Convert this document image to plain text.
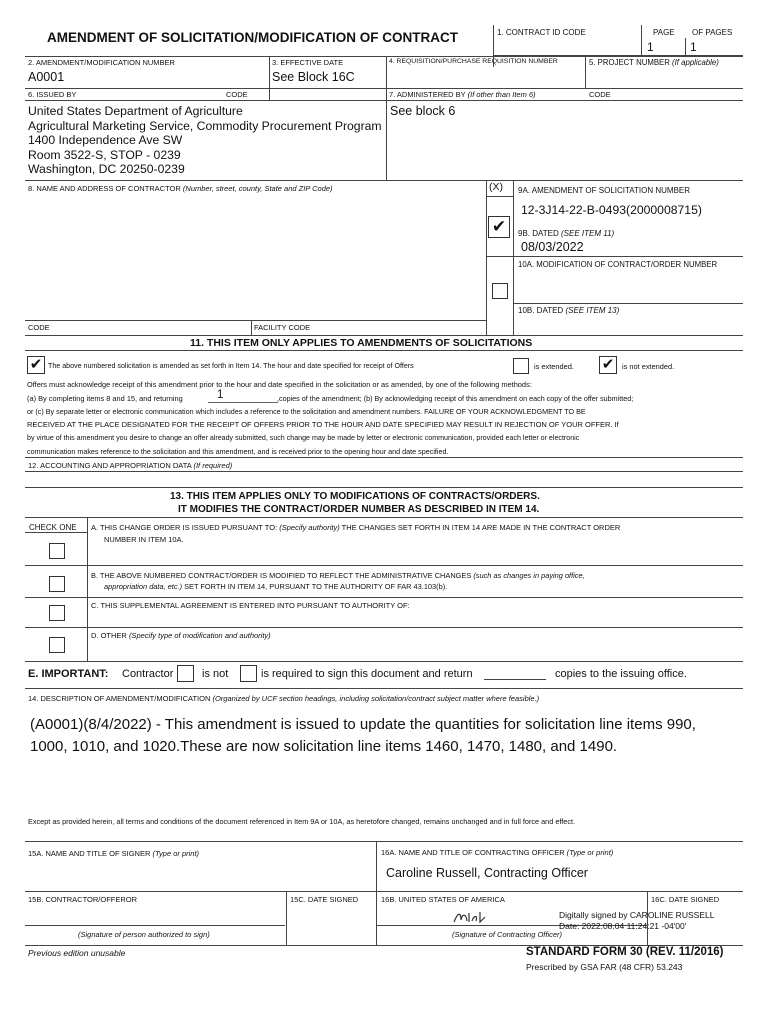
AMENDMENT OF SOLICITATION/MODIFICATION OF CONTRACT	1. CONTRACT ID CODE	PAGE OF PAGES
1	1
2. AMENDMENT/MODIFICATION NUMBER
A0001
3. EFFECTIVE DATE
See Block 16C
4. REQUISITION/PURCHASE REQUISITION NUMBER	5. PROJECT NUMBER (If applicable)
6. ISSUED BY	CODE	7. ADMINISTERED BY (If other than Item 6)	CODE
United States Department of Agriculture
Agricultural Marketing Service, Commodity Procurement Program
1400 Independence Ave SW
Room 3522-S, STOP - 0239
Washington, DC 20250-0239
See block 6
8. NAME AND ADDRESS OF CONTRACTOR (Number, street, county, State and ZIP Code)	(X) 9A. AMENDMENT OF SOLICITATION NUMBER
12-3J14-22-B-0493(2000008715)
✔	9B. DATED (SEE ITEM 11)
08/03/2022
10A. MODIFICATION OF CONTRACT/ORDER NUMBER
10B. DATED (SEE ITEM 13)
CODE	FACILITY CODE
11. THIS ITEM ONLY APPLIES TO AMENDMENTS OF SOLICITATIONS
✔ The above numbered solicitation is amended as set forth in Item 14. The hour and date specified for receipt of Offers	is extended. ✔	is not extended.
Offers must acknowledge receipt of this amendment prior to the hour and date specified in the solicitation or as amended, by one of the following methods:
(a) By completing items 8 and 15, and returning	1	,copies of the amendment; (b) By acknowledging receipt of this amendment on each copy of the offer submitted;
or (c) By separate letter or electronic communication which includes a reference to the solicitation and amendment numbers. FAILURE OF YOUR ACKNOWLEDGMENT TO BE
RECEIVED AT THE PLACE DESIGNATED FOR THE RECEIPT OF OFFERS PRIOR TO THE HOUR AND DATE SPECIFIED MAY RESULT IN REJECTION OF YOUR OFFER. If
by virtue of this amendment you desire to change an offer already submitted, such change may be made by letter or electronic communication, provided each letter or electronic
communication makes reference to the solicitation and this amendment, and is received prior to the opening hour and date specified.
12. ACCOUNTING AND APPROPRIATION DATA (If required)
13. THIS ITEM APPLIES ONLY TO MODIFICATIONS OF CONTRACTS/ORDERS.
IT MODIFIES THE CONTRACT/ORDER NUMBER AS DESCRIBED IN ITEM 14.
CHECK ONE A. THIS CHANGE ORDER IS ISSUED PURSUANT TO: (Specify authority) THE CHANGES SET FORTH IN ITEM 14 ARE MADE IN THE CONTRACT ORDER
NUMBER IN ITEM 10A.
B. THE ABOVE NUMBERED CONTRACT/ORDER IS MODIFIED TO REFLECT THE ADMINISTRATIVE CHANGES (such as changes in paying office,
appropriation data, etc.) SET FORTH IN ITEM 14, PURSUANT TO THE AUTHORITY OF FAR 43.103(b).
C. THIS SUPPLEMENTAL AGREEMENT IS ENTERED INTO PURSUANT TO AUTHORITY OF:
D. OTHER (Specify type of modification and authority)
E. IMPORTANT: Contractor	is not	is required to sign this document and return	copies to the issuing office.
14. DESCRIPTION OF AMENDMENT/MODIFICATION (Organized by UCF section headings, including solicitation/contract subject matter where feasible.)
(A0001)(8/4/2022) - This amendment is issued to update the quantities for solicitation line items 990,
1000, 1010, and 1020.These are now solicitation line items 1460, 1470, 1480, and 1490.
Except as provided herein, all terms and conditions of the document referenced in Item 9A or 10A, as heretofore changed, remains unchanged and in full force and effect.
15A. NAME AND TITLE OF SIGNER (Type or print)	16A. NAME AND TITLE OF CONTRACTING OFFICER (Type or print)
Caroline Russell, Contracting Officer
15B. CONTRACTOR/OFFEROR	15C. DATE SIGNED	16B. UNITED STATES OF AMERICA	16C. DATE SIGNED
Digitally signed by CAROLINE RUSSELL
Date: 2022.08.04 11:24:21 -04'00'
(Signature of person authorized to sign)	(Signature of Contracting Officer)
Previous edition unusable	STANDARD FORM 30 (REV. 11/2016)
Prescribed by GSA FAR (48 CFR) 53.243
